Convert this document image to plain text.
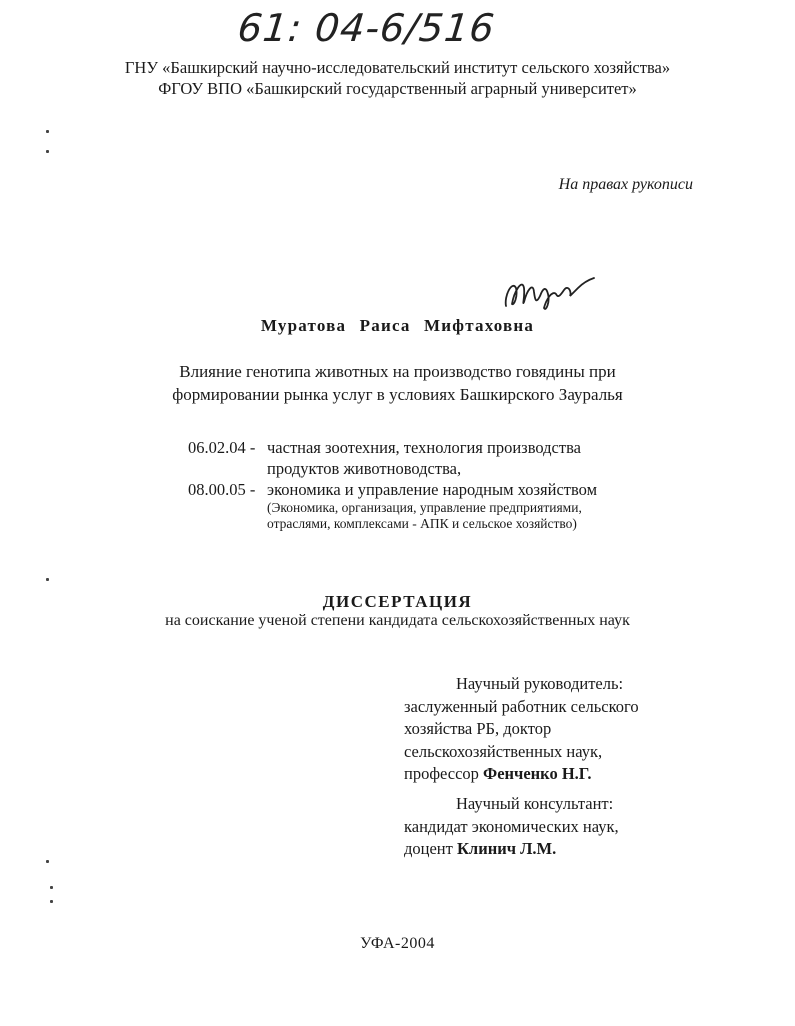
61: 04-6/516
ГНУ «Башкирский научно-исследовательский институт сельского хозяйства»
ФГОУ ВПО «Башкирский государственный аграрный университет»
На правах рукописи
Муратова Раиса Мифтаховна
Влияние генотипа животных на производство говядины при
формировании рынка услуг в условиях Башкирского Зауралья
06.02.04 - частная зоотехния, технология производства
продуктов животноводства,
08.00.05 - экономика и управление народным хозяйством
(Экономика, организация, управление предприятиями,
отраслями, комплексами - АПК и сельское хозяйство)
ДИССЕРТАЦИЯ
на соискание ученой степени кандидата сельскохозяйственных наук
Научный руководитель:
заслуженный работник сельского
хозяйства РБ, доктор
сельскохозяйственных наук,
профессор Фенченко Н.Г.
Научный консультант:
кандидат экономических наук,
доцент Клинич Л.М.
УФА-2004
